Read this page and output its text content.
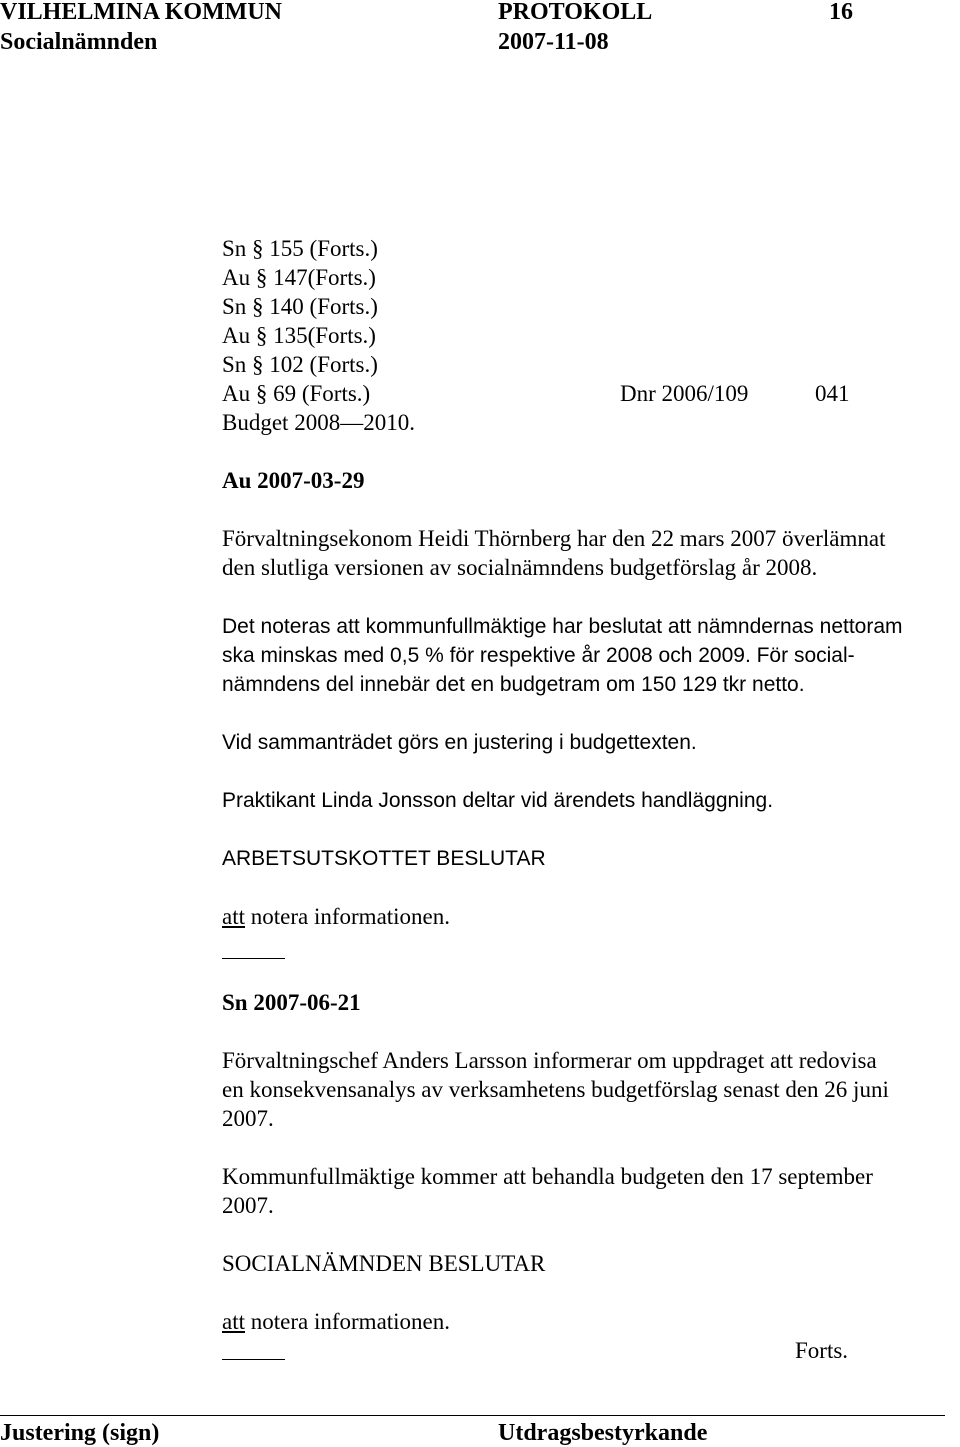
VILHELMINA KOMMUN	PROTOKOLL	16
Socialnämnden	2007-11-08
Sn § 155 (Forts.)
Au § 147(Forts.)
Sn § 140 (Forts.)
Au § 135(Forts.)
Sn § 102 (Forts.)
Au § 69 (Forts.)	Dnr 2006/109	041
Budget 2008—2010.
Au 2007-03-29
Förvaltningsekonom Heidi Thörnberg har den 22 mars 2007 överlämnat
den slutliga versionen av socialnämndens budgetförslag år 2008.
Det noteras att kommunfullmäktige har beslutat att nämndernas nettoram
ska minskas med 0,5 % för respektive år 2008 och 2009. För social-
nämndens del innebär det en budgetram om 150 129 tkr netto.
Vid sammanträdet görs en justering i budgettexten.
Praktikant Linda Jonsson deltar vid ärendets handläggning.
ARBETSUTSKOTTET BESLUTAR
att notera informationen.
Sn 2007-06-21
Förvaltningschef Anders Larsson informerar om uppdraget att redovisa
en konsekvensanalys av verksamhetens budgetförslag senast den 26 juni
2007.
Kommunfullmäktige kommer att behandla budgeten den 17 september
2007.
SOCIALNÄMNDEN BESLUTAR
att notera informationen.
Forts.
Justering (sign)	Utdragsbestyrkande
